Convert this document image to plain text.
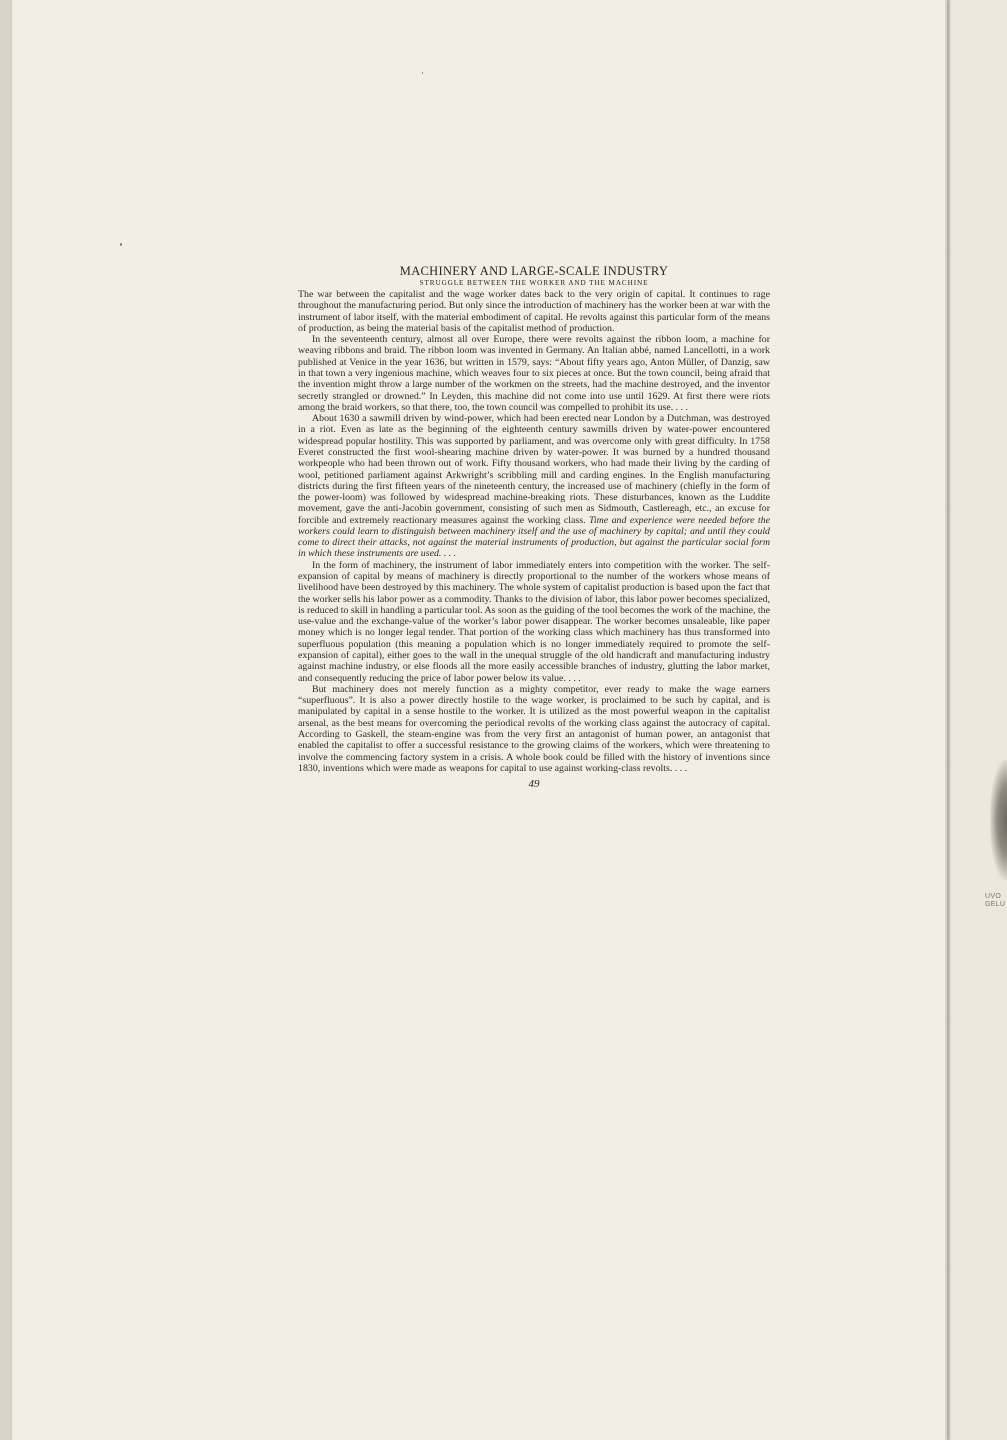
UVO
GELU
MACHINERY AND LARGE-SCALE INDUSTRY
STRUGGLE BETWEEN THE WORKER AND THE MACHINE

The war between the capitalist and the wage worker dates back to the very origin of capital. It continues to rage throughout the manufacturing period. But only since the introduction of machinery has the worker been at war with the instrument of labor itself, with the material embodiment of capital. He revolts against this particular form of the means of production, as being the material basis of the capitalist method of production.

In the seventeenth century, almost all over Europe, there were revolts against the ribbon loom, a machine for weaving ribbons and braid. The ribbon loom was invented in Germany. An Italian abbé, named Lancellotti, in a work published at Venice in the year 1636, but written in 1579, says: “About fifty years ago, Anton Müller, of Danzig, saw in that town a very ingenious machine, which weaves four to six pieces at once. But the town council, being afraid that the invention might throw a large number of the workmen on the streets, had the machine destroyed, and the inventor secretly strangled or drowned.” In Leyden, this machine did not come into use until 1629. At first there were riots among the braid workers, so that there, too, the town council was compelled to prohibit its use. . . .

About 1630 a sawmill driven by wind-power, which had been erected near London by a Dutchman, was destroyed in a riot. Even as late as the beginning of the eighteenth century sawmills driven by water-power encountered widespread popular hostility. This was supported by parliament, and was overcome only with great difficulty. In 1758 Everet constructed the first wool-shearing machine driven by water-power. It was burned by a hundred thousand workpeople who had been thrown out of work. Fifty thousand workers, who had made their living by the carding of wool, petitioned parliament against Arkwright’s scribbling mill and carding engines. In the English manufacturing districts during the first fifteen years of the nineteenth century, the increased use of machinery (chiefly in the form of the power-loom) was followed by widespread machine-breaking riots. These disturbances, known as the Luddite movement, gave the anti-Jacobin government, consisting of such men as Sidmouth, Castlereagh, etc., an excuse for forcible and extremely reactionary measures against the working class. Time and experience were needed before the workers could learn to distinguish between machinery itself and the use of machinery by capital; and until they could come to direct their attacks, not against the material instruments of production, but against the particular social form in which these instruments are used. . . .

In the form of machinery, the instrument of labor immediately enters into competition with the worker. The self-expansion of capital by means of machinery is directly proportional to the number of the workers whose means of livelihood have been destroyed by this machinery. The whole system of capitalist production is based upon the fact that the worker sells his labor power as a commodity. Thanks to the division of labor, this labor power becomes specialized, is reduced to skill in handling a particular tool. As soon as the guiding of the tool becomes the work of the machine, the use-value and the exchange-value of the worker’s labor power disappear. The worker becomes unsaleable, like paper money which is no longer legal tender. That portion of the working class which machinery has thus transformed into superfluous population (this meaning a population which is no longer immediately required to promote the self-expansion of capital), either goes to the wall in the unequal struggle of the old handicraft and manufacturing industry against machine industry, or else floods all the more easily accessible branches of industry, glutting the labor market, and consequently reducing the price of labor power below its value. . . .

But machinery does not merely function as a mighty competitor, ever ready to make the wage earners “superfluous”. It is also a power directly hostile to the wage worker, is proclaimed to be such by capital, and is manipulated by capital in a sense hostile to the worker. It is utilized as the most powerful weapon in the capitalist arsenal, as the best means for overcoming the periodical revolts of the working class against the autocracy of capital. According to Gaskell, the steam-engine was from the very first an antagonist of human power, an antagonist that enabled the capitalist to offer a successful resistance to the growing claims of the workers, which were threatening to involve the commencing factory system in a crisis. A whole book could be filled with the history of inventions since 1830, inventions which were made as weapons for capital to use against working-class revolts. . . .

49
